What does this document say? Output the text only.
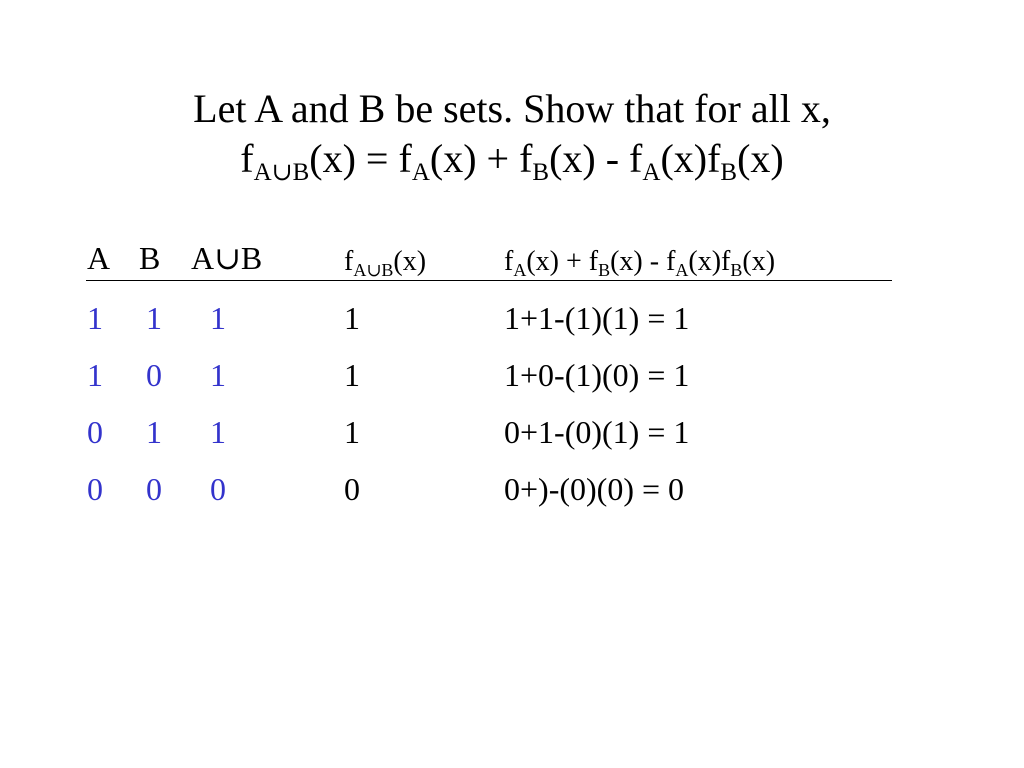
Let A and B be sets. Show that for all x,
$f_{A\cup B}(x) = f_A(x) + f_B(x) - f_A(x)f_B(x)$
A B A∪B	$f_{A\cup B}(x)$	$f_A(x) + f_B(x) - f_A(x)f_B(x)$
1 1 1	1	1+1-(1)(1) = 1
1 0 1	1	1+0-(1)(0) = 1
0 1 1	1	0+1-(0)(1) = 1
0 0 0	0	0+)-(0)(0) = 0
